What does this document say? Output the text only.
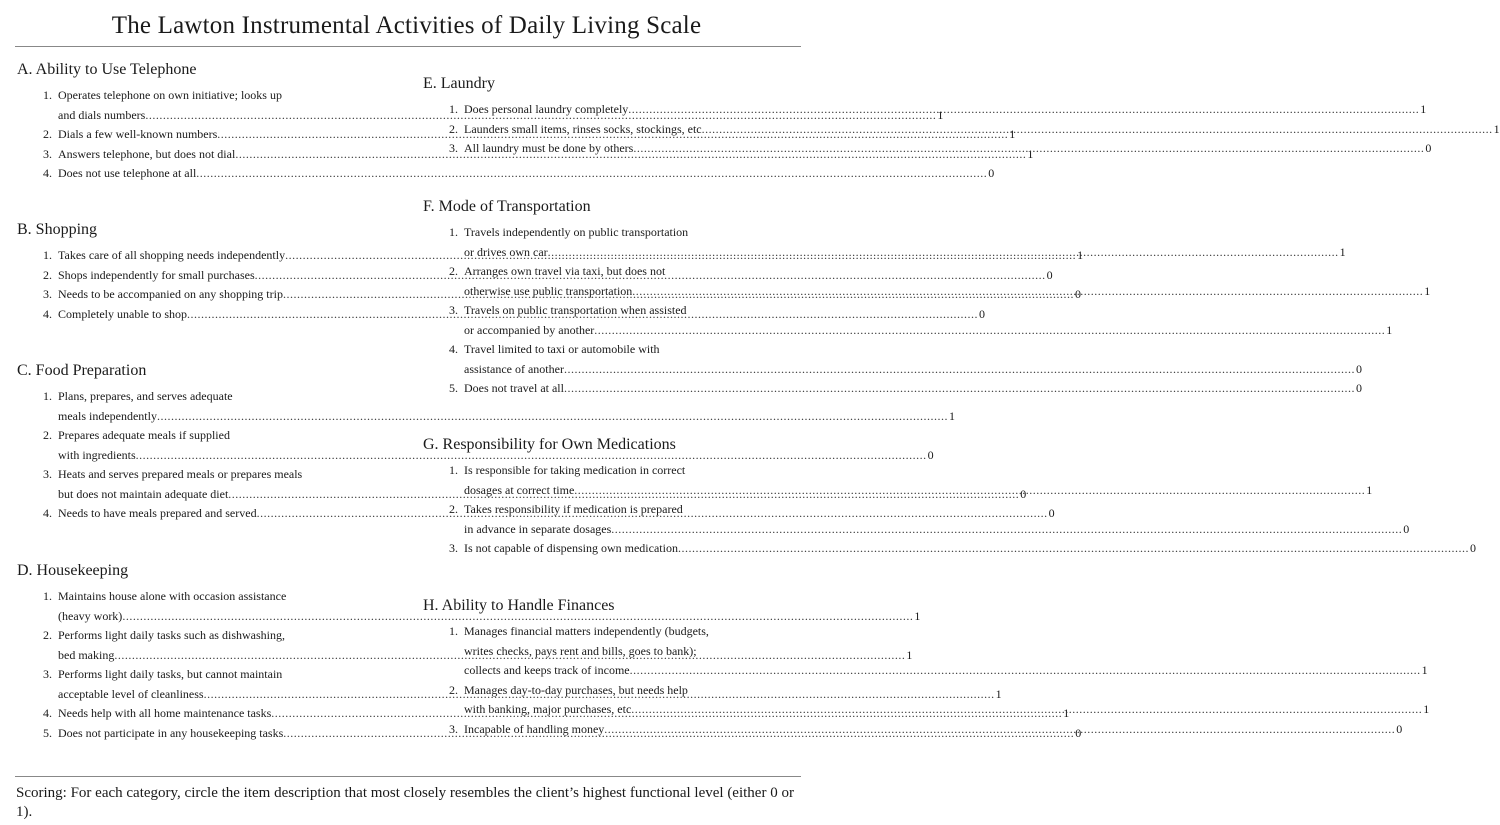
The Lawton Instrumental Activities of Daily Living Scale
A. Ability to Use Telephone
1. Operates telephone on own initiative; looks up
and dials numbers .....	1
2. Dials a few well-known numbers .....	1
3. Answers telephone, but does not dial .....	1
4. Does not use telephone at all .....	0
B. Shopping
1. Takes care of all shopping needs independently .....	1
2. Shops independently for small purchases .....	0
3. Needs to be accompanied on any shopping trip .....	0
4. Completely unable to shop .....	0
C. Food Preparation
1. Plans, prepares, and serves adequate
meals independently .....	1
2. Prepares adequate meals if supplied
with ingredients .....	0
3. Heats and serves prepared meals or prepares meals
but does not maintain adequate diet .....	0
4. Needs to have meals prepared and served .....	0
D. Housekeeping
1. Maintains house alone with occasion assistance
(heavy work) .....	1
2. Performs light daily tasks such as dishwashing,
bed making .....	1
3. Performs light daily tasks, but cannot maintain
acceptable level of cleanliness .....	1
4. Needs help with all home maintenance tasks .....	1
5. Does not participate in any housekeeping tasks .....	0
E. Laundry
1. Does personal laundry completely .....	1
2. Launders small items, rinses socks, stockings, etc .....	1
3. All laundry must be done by others .....	0
F. Mode of Transportation
1. Travels independently on public transportation
or drives own car .....	1
2. Arranges own travel via taxi, but does not
otherwise use public transportation .....	1
3. Travels on public transportation when assisted
or accompanied by another .....	1
4. Travel limited to taxi or automobile with
assistance of another .....	0
5. Does not travel at all .....	0
G. Responsibility for Own Medications
1. Is responsible for taking medication in correct
dosages at correct time .....	1
2. Takes responsibility if medication is prepared
in advance in separate dosages .....	0
3. Is not capable of dispensing own medication .....	0
H. Ability to Handle Finances
1. Manages financial matters independently (budgets,
writes checks, pays rent and bills, goes to bank);
collects and keeps track of income .....	1
2. Manages day-to-day purchases, but needs help
with banking, major purchases, etc .....	1
3. Incapable of handling money .....	0
Scoring: For each category, circle the item description that most closely resembles the client’s highest functional level (either 0 or 1).
